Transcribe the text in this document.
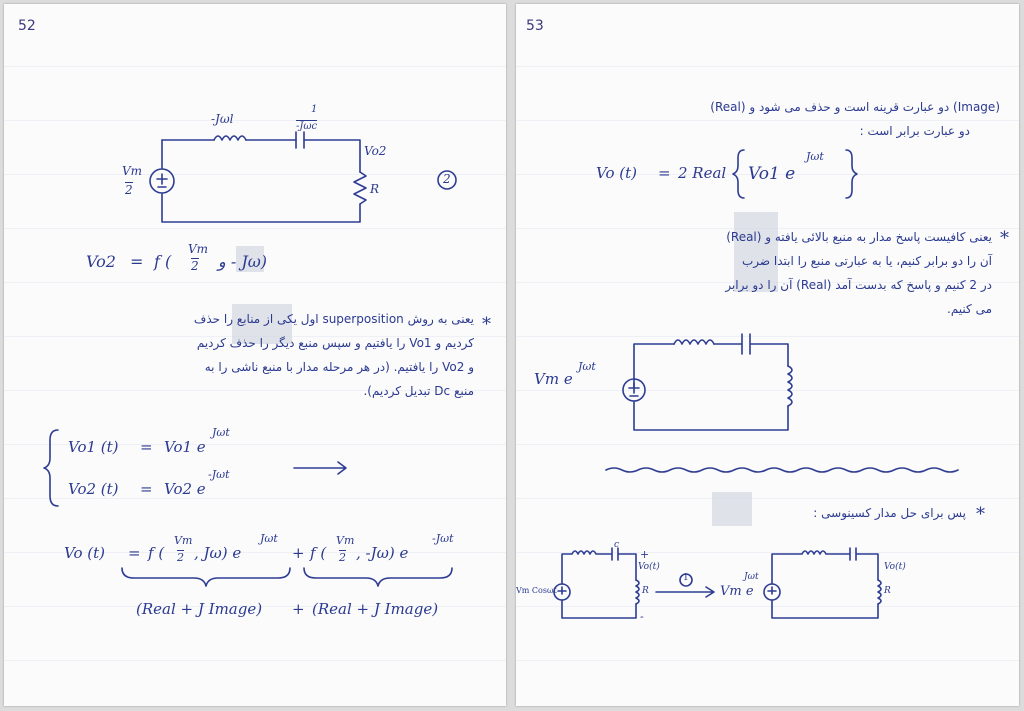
52
-Jωl
1
-Jωc
Vo2
R
Vm
2
2
Vo2 = f (
Vm
2 و - Jω)
*
یعنی به روش superposition اول یکی از منابع را حذف
کردیم و Vo1 را یافتیم و سپس منبع دیگر را حذف کردیم
و Vo2 را یافتیم. (در هر مرحله مدار با منبع ناشی را به
منبع Dc تبدیل کردیم).
Vo1 (t) = Vo1 e
Jωt
Vo2 (t) = Vo2 e
-Jωt
Vo (t) = f (
Vm
2 , Jω) e
Jωt
+ f (
Vm
2 , -Jω) e
-Jωt
(Real + J Image) + (Real + J Image)
53
(Image) دو عبارت قرینه است و حذف می شود و (Real)
دو عبارت برابر است :
Vo (t) = 2 Real Vo1 e
Jωt
*
یعنی کافیست پاسخ مدار به منبع بالائی یافته و (Real)
آن را دو برابر کنیم، یا به عبارتی منبع را ابتدا ضرب
در 2 کنیم و پاسخ که بدست آمد (Real) آن را دو برابر
می کنیم.
Vm e
Jωt
*
پس برای حل مدار کسینوسی :
Vm Cosωt
c
+
Vo(t)
R
-
1
Vm e
Jωt
Vo(t)
R
